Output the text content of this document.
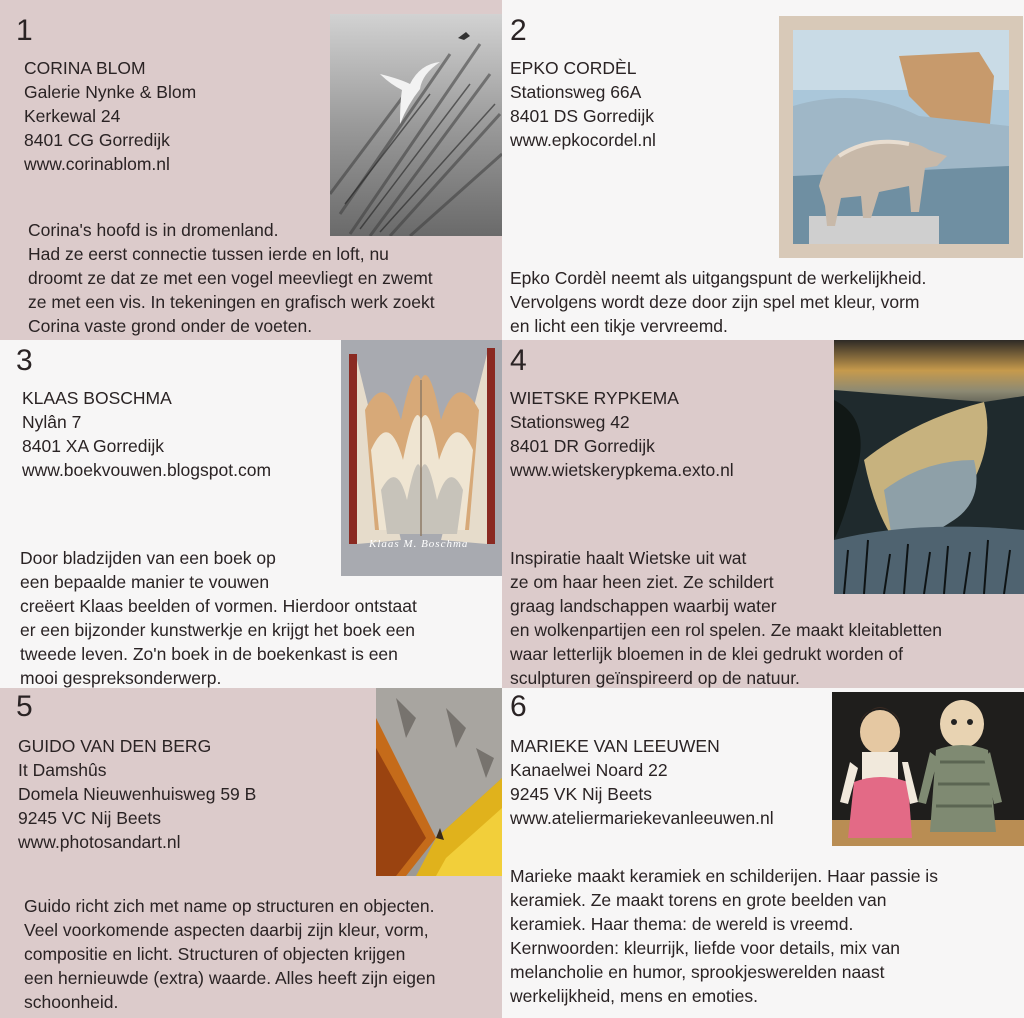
1
CORINA BLOM
Galerie Nynke & Blom
Kerkewal 24
8401 CG Gorredijk
www.corinablom.nl
Corina's hoofd is in dromenland.
Had ze eerst connectie tussen ierde en loft, nu
droomt ze dat ze met een vogel meevliegt en zwemt
ze met een vis. In tekeningen en grafisch werk zoekt
Corina vaste grond onder de voeten.
2
EPKO CORDÈL
Stationsweg 66A
8401 DS Gorredijk
www.epkocordel.nl
Epko Cordèl neemt als uitgangspunt de werkelijkheid.
Vervolgens wordt deze door zijn spel met kleur, vorm
en licht een tikje vervreemd.
3
KLAAS BOSCHMA
Nylân 7
8401 XA Gorredijk
www.boekvouwen.blogspot.com
Klaas M. Boschma
Door bladzijden van een boek op
een bepaalde manier te vouwen
creëert Klaas beelden of vormen. Hierdoor ontstaat
er een bijzonder kunstwerkje en krijgt het boek een
tweede leven. Zo'n boek in de boekenkast is een
mooi gespreksonderwerp.
4
WIETSKE RYPKEMA
Stationsweg 42
8401 DR Gorredijk
www.wietskerypkema.exto.nl
Inspiratie haalt Wietske uit wat
ze om haar heen ziet. Ze schildert
graag landschappen waarbij water
en wolkenpartijen een rol spelen. Ze maakt kleitabletten
waar letterlijk bloemen in de klei gedrukt worden of
sculpturen geïnspireerd op de natuur.
5
GUIDO VAN DEN BERG
It Damshûs
Domela Nieuwenhuisweg 59 B
9245 VC Nij Beets
www.photosandart.nl
Guido richt zich met name op structuren en objecten.
Veel voorkomende aspecten daarbij zijn kleur, vorm,
compositie en licht. Structuren of objecten krijgen
een hernieuwde (extra) waarde. Alles heeft zijn eigen
schoonheid.
6
MARIEKE VAN LEEUWEN
Kanaelwei Noard 22
9245 VK Nij Beets
www.ateliermariekevanleeuwen.nl
Marieke maakt keramiek en schilderijen. Haar passie is
keramiek. Ze maakt torens en grote beelden van
keramiek. Haar thema: de wereld is vreemd.
Kernwoorden: kleurrijk, liefde voor details, mix van
melancholie en humor, sprookjeswerelden naast
werkelijkheid, mens en emoties.
